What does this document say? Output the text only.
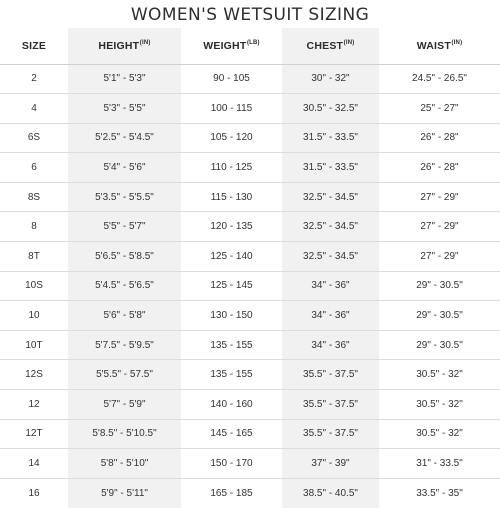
WOMEN'S WETSUIT SIZING
SIZE	$HEIGHT^{(IN)}$	$WEIGHT^{(LB)}$	$CHEST^{(IN)}$	$WAIST^{(IN)}$
2	5'1" - 5'3"	90 - 105	30" - 32"	24.5" - 26.5"
4	5'3" - 5'5"	100 - 115	30.5" - 32.5"	25" - 27"
6S	5'2.5" - 5'4.5"	105 - 120	31.5" - 33.5"	26" - 28"
6	5'4" - 5'6"	110 - 125	31.5" - 33.5"	26" - 28"
8S	5'3.5" - 5'5.5"	115 - 130	32.5" - 34.5"	27" - 29"
8	5'5" - 5'7"	120 - 135	32.5" - 34.5"	27" - 29"
8T	5'6.5" - 5'8.5"	125 - 140	32.5" - 34.5"	27" - 29"
10S	5'4.5" - 5'6.5"	125 - 145	34" - 36"	29" - 30.5"
10	5'6" - 5'8"	130 - 150	34" - 36"	29" - 30.5"
10T	5'7.5" - 5'9.5"	135 - 155	34" - 36"	29" - 30.5"
12S	5'5.5" - 57.5"	135 - 155	35.5" - 37.5"	30.5" - 32"
12	5'7" - 5'9"	140 - 160	35.5" - 37.5"	30.5" - 32"
12T	5'8.5" - 5'10.5"	145 - 165	35.5" - 37.5"	30.5" - 32"
14	5'8" - 5'10"	150 - 170	37" - 39"	31" - 33.5"
16	5'9" - 5'11"	165 - 185	38.5" - 40.5"	33.5" - 35"
